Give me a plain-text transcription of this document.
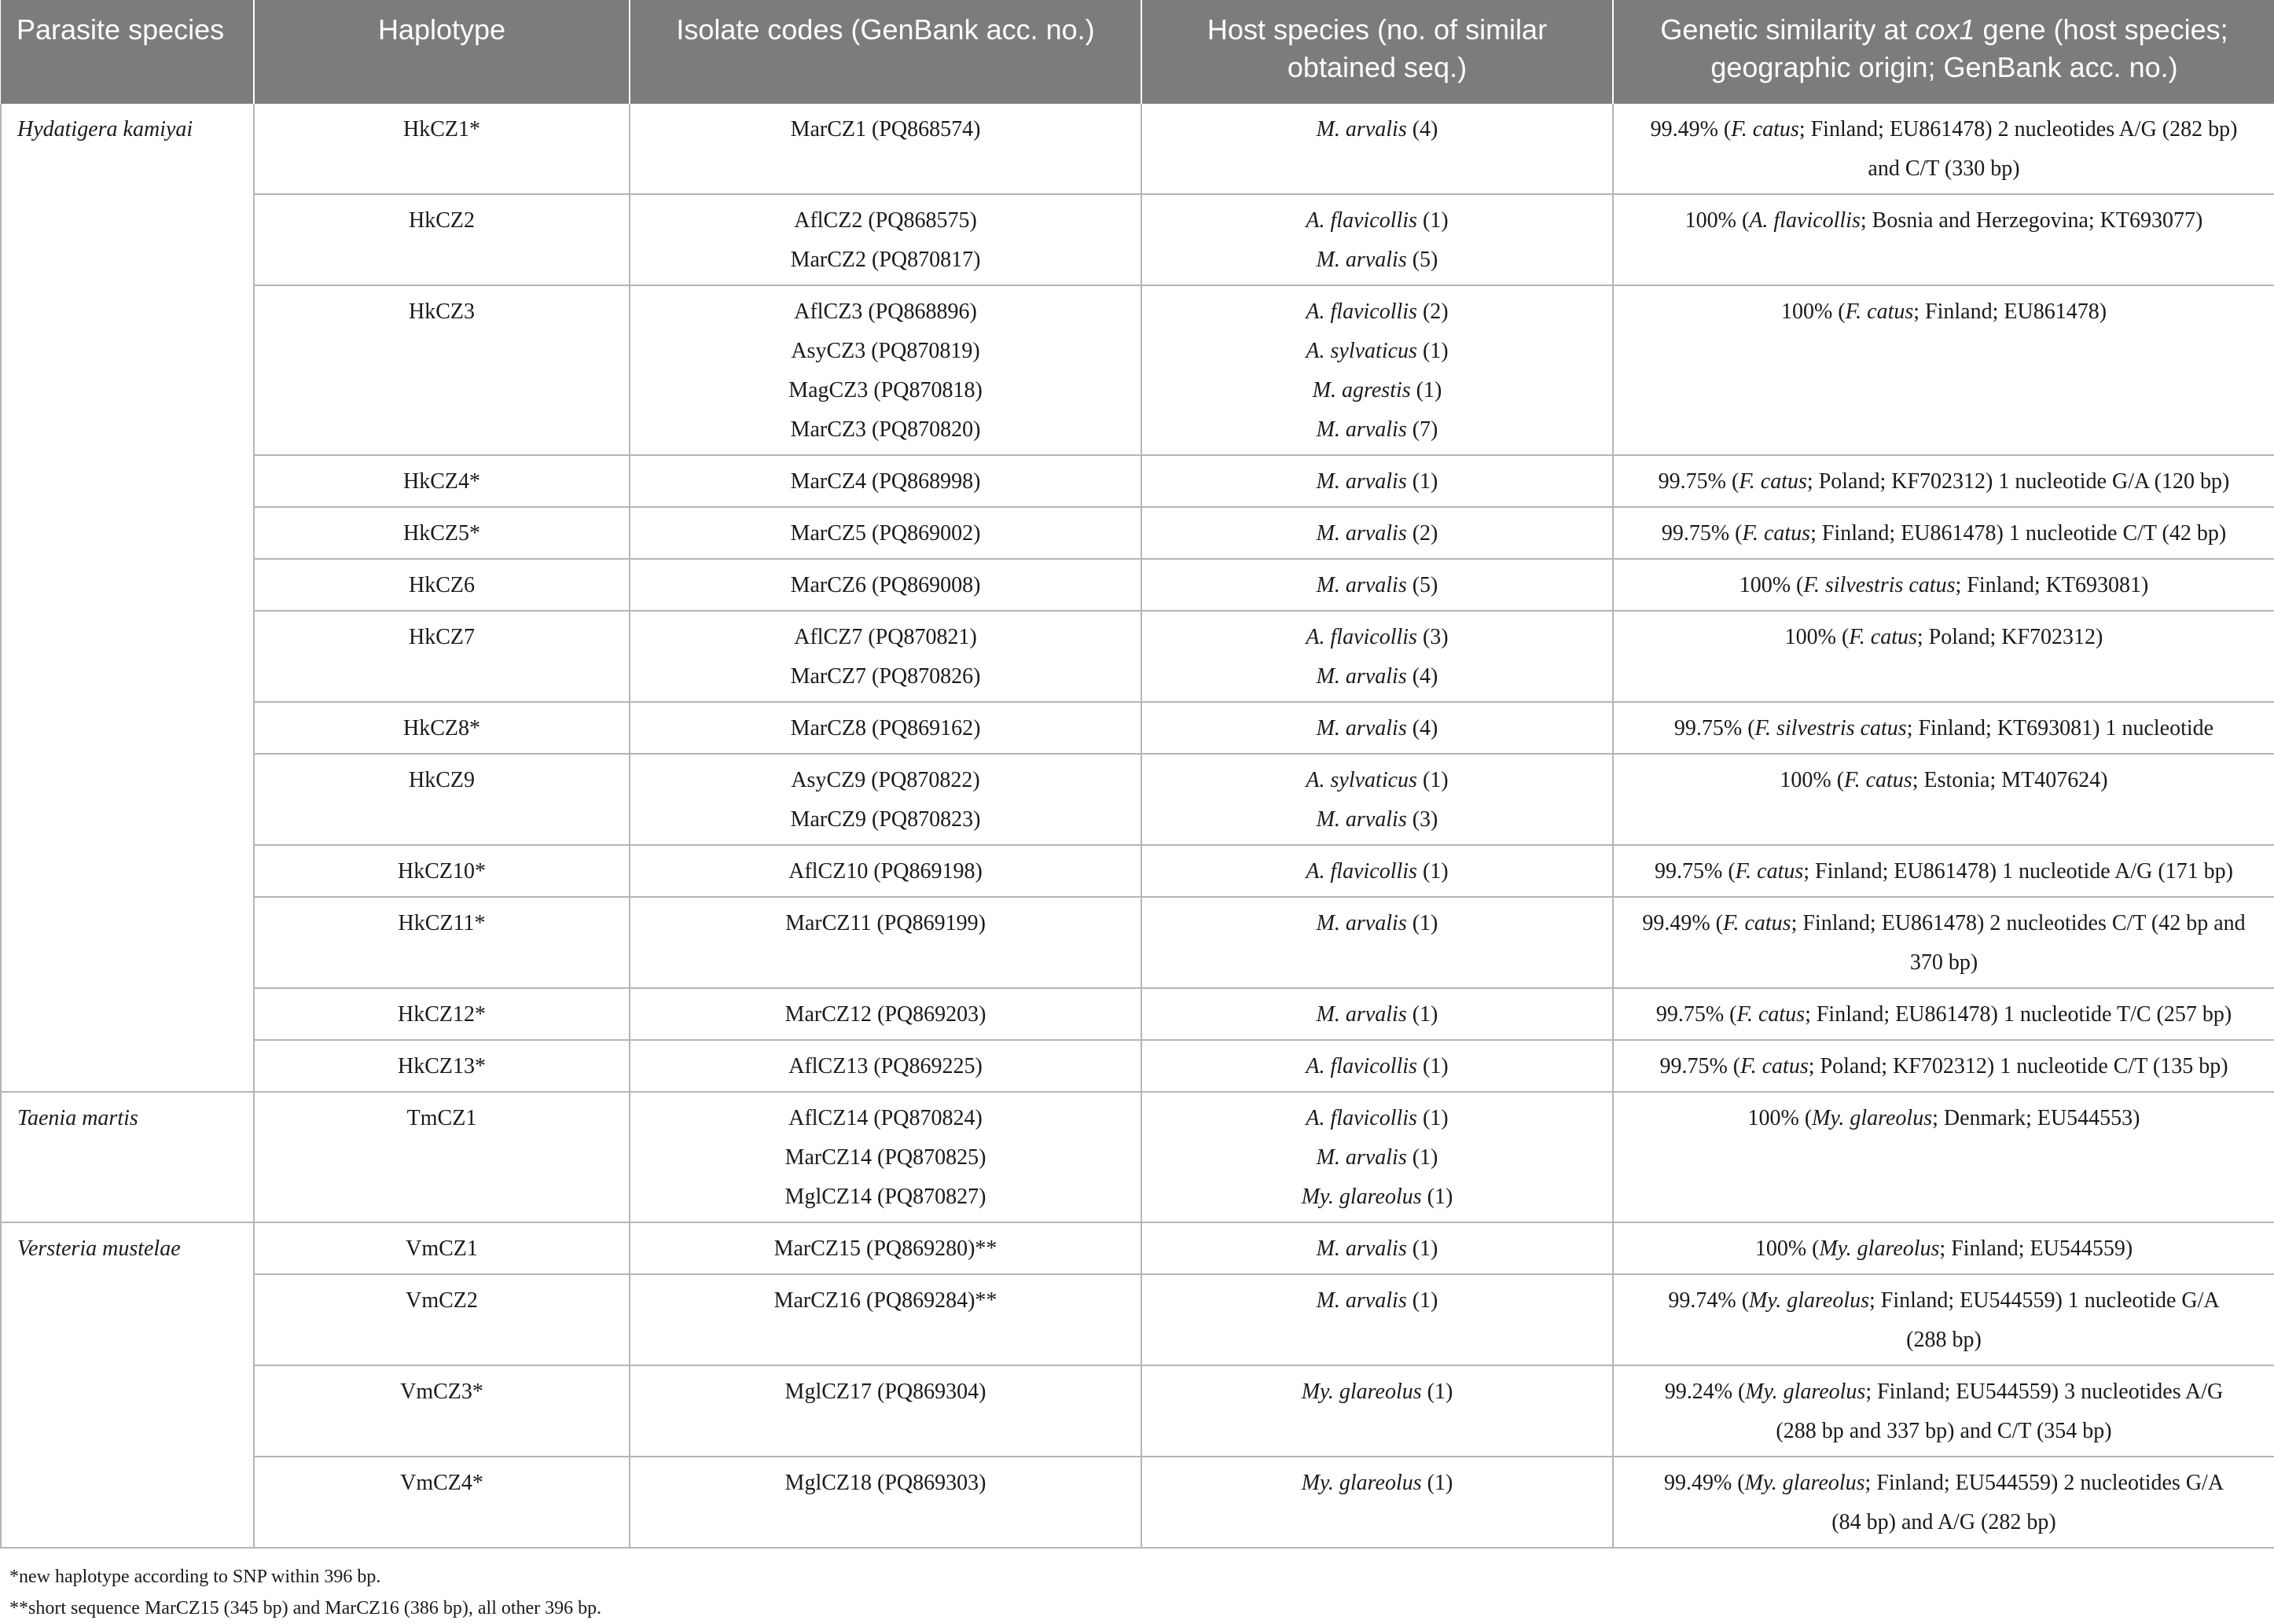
Parasite species	Haplotype	Isolate codes (GenBank acc. no.)	Host species (no. of similar
obtained seq.)	Genetic similarity at cox1 gene (host species;
geographic origin; GenBank acc. no.)

Hydatigera kamiyai	HkCZ1*	MarCZ1 (PQ868574)	M. arvalis (4)	99.49% (F. catus; Finland; EU861478) 2 nucleotides A/G (282 bp)
and C/T (330 bp)

	HkCZ2	AflCZ2 (PQ868575)
MarCZ2 (PQ870817)	A. flavicollis (1)
M. arvalis (5)	100% (A. flavicollis; Bosnia and Herzegovina; KT693077)

	HkCZ3	AflCZ3 (PQ868896)
AsyCZ3 (PQ870819)
MagCZ3 (PQ870818)
MarCZ3 (PQ870820)	A. flavicollis (2)
A. sylvaticus (1)
M. agrestis (1)
M. arvalis (7)	100% (F. catus; Finland; EU861478)

	HkCZ4*	MarCZ4 (PQ868998)	M. arvalis (1)	99.75% (F. catus; Poland; KF702312) 1 nucleotide G/A (120 bp)

	HkCZ5*	MarCZ5 (PQ869002)	M. arvalis (2)	99.75% (F. catus; Finland; EU861478) 1 nucleotide C/T (42 bp)

	HkCZ6	MarCZ6 (PQ869008)	M. arvalis (5)	100% (F. silvestris catus; Finland; KT693081)

	HkCZ7	AflCZ7 (PQ870821)
MarCZ7 (PQ870826)	A. flavicollis (3)
M. arvalis (4)	100% (F. catus; Poland; KF702312)

	HkCZ8*	MarCZ8 (PQ869162)	M. arvalis (4)	99.75% (F. silvestris catus; Finland; KT693081) 1 nucleotide

	HkCZ9	AsyCZ9 (PQ870822)
MarCZ9 (PQ870823)	A. sylvaticus (1)
M. arvalis (3)	100% (F. catus; Estonia; MT407624)

	HkCZ10*	AflCZ10 (PQ869198)	A. flavicollis (1)	99.75% (F. catus; Finland; EU861478) 1 nucleotide A/G (171 bp)

	HkCZ11*	MarCZ11 (PQ869199)	M. arvalis (1)	99.49% (F. catus; Finland; EU861478) 2 nucleotides C/T (42 bp and
370 bp)

	HkCZ12*	MarCZ12 (PQ869203)	M. arvalis (1)	99.75% (F. catus; Finland; EU861478) 1 nucleotide T/C (257 bp)

	HkCZ13*	AflCZ13 (PQ869225)	A. flavicollis (1)	99.75% (F. catus; Poland; KF702312) 1 nucleotide C/T (135 bp)

Taenia martis	TmCZ1	AflCZ14 (PQ870824)
MarCZ14 (PQ870825)
MglCZ14 (PQ870827)	A. flavicollis (1)
M. arvalis (1)
My. glareolus (1)	100% (My. glareolus; Denmark; EU544553)

Versteria mustelae	VmCZ1	MarCZ15 (PQ869280)**	M. arvalis (1)	100% (My. glareolus; Finland; EU544559)

	VmCZ2	MarCZ16 (PQ869284)**	M. arvalis (1)	99.74% (My. glareolus; Finland; EU544559) 1 nucleotide G/A
(288 bp)

	VmCZ3*	MglCZ17 (PQ869304)	My. glareolus (1)	99.24% (My. glareolus; Finland; EU544559) 3 nucleotides A/G
(288 bp and 337 bp) and C/T (354 bp)

	VmCZ4*	MglCZ18 (PQ869303)	My. glareolus (1)	99.49% (My. glareolus; Finland; EU544559) 2 nucleotides G/A
(84 bp) and A/G (282 bp)
*new haplotype according to SNP within 396 bp.
**short sequence MarCZ15 (345 bp) and MarCZ16 (386 bp), all other 396 bp.
